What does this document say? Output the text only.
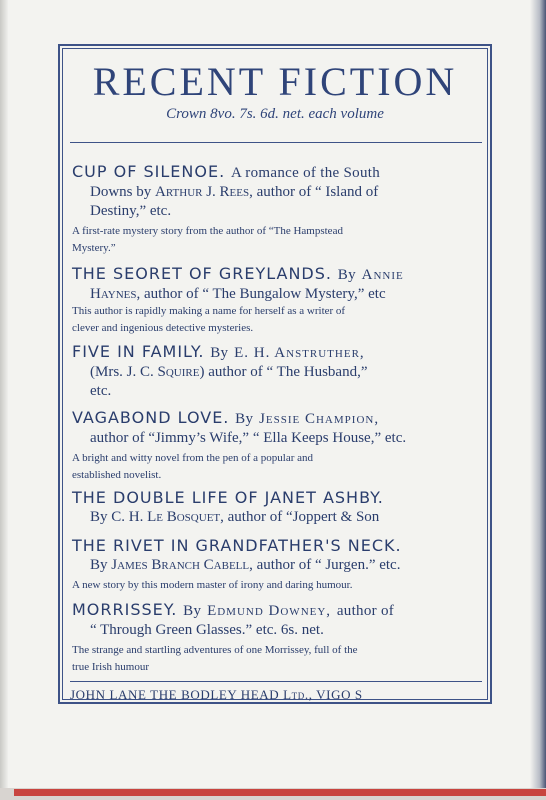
RECENT FICTION
Crown 8vo. 7s. 6d. net. each volume
CUP OF SILENOE. A romance of the South
Downs by Arthur J. Rees, author of “ Island of
Destiny,” etc.
A first-rate mystery story from the author of “The Hampstead
Mystery.”
THE SEORET OF GREYLANDS. By Annie
Haynes, author of “ The Bungalow Mystery,” etc
This author is rapidly making a name for herself as a writer of
clever and ingenious detective mysteries.
FIVE IN FAMILY. By E. H. Anstruther,
(Mrs. J. C. Squire) author of “ The Husband,”
etc.
VAGABOND LOVE. By Jessie Champion,
author of “Jimmy’s Wife,” “ Ella Keeps House,” etc.
A bright and witty novel from the pen of a popular and
established novelist.
THE DOUBLE LIFE OF JANET ASHBY.
By C. H. Le Bosquet, author of “Joppert & Son
THE RIVET IN GRANDFATHER'S NECK.
By James Branch Cabell, author of “ Jurgen.” etc.
A new story by this modern master of irony and daring humour.
MORRISSEY. By Edmund Downey, author of
“ Through Green Glasses.” etc. 6s. net.
The strange and startling adventures of one Morrissey, full of the
true Irish humour
JOHN LANE THE BODLEY HEAD Ltd., VIGO S
